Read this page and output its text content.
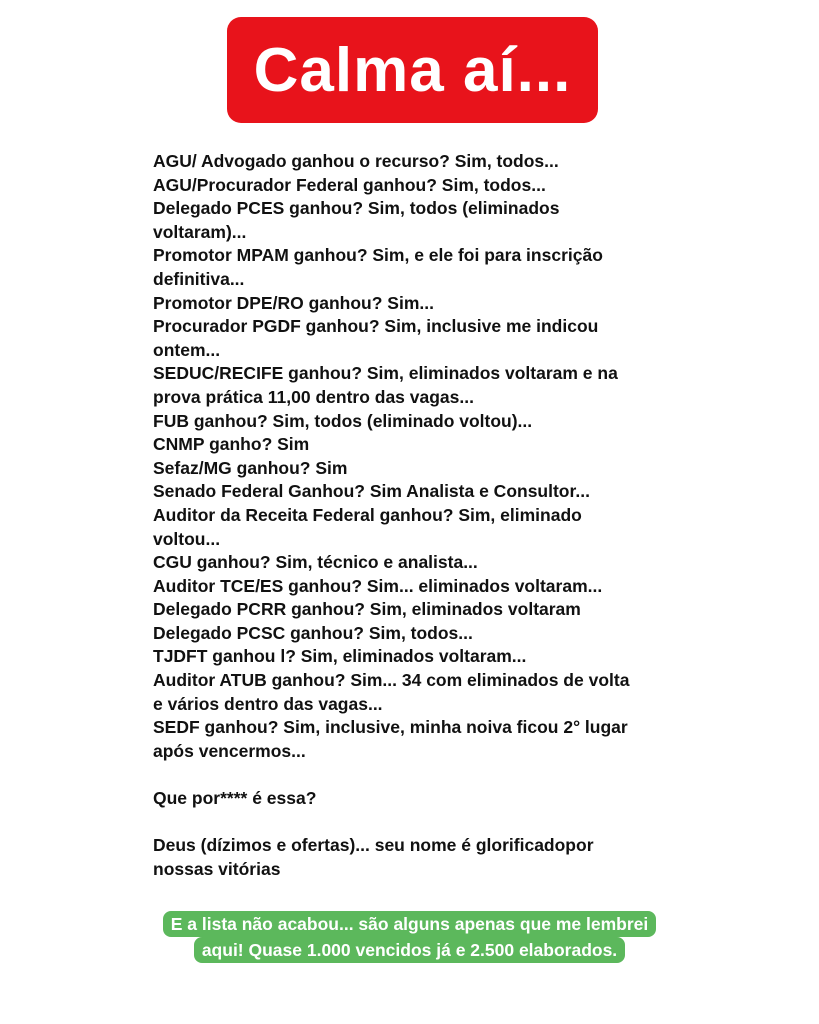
Calma aí...
AGU/ Advogado ganhou o recurso? Sim, todos...
AGU/Procurador Federal ganhou? Sim, todos...
Delegado PCES ganhou? Sim, todos (eliminados
voltaram)...
Promotor MPAM ganhou? Sim, e ele foi para inscrição
definitiva...
Promotor DPE/RO ganhou? Sim...
Procurador PGDF ganhou? Sim, inclusive me indicou
ontem...
SEDUC/RECIFE ganhou? Sim, eliminados voltaram e na
prova prática 11,00 dentro das vagas...
FUB ganhou? Sim, todos (eliminado voltou)...
CNMP ganho? Sim
Sefaz/MG ganhou? Sim
Senado Federal Ganhou? Sim Analista e Consultor...
Auditor da Receita Federal ganhou? Sim, eliminado
voltou...
CGU ganhou? Sim, técnico e analista...
Auditor TCE/ES ganhou? Sim... eliminados voltaram...
Delegado PCRR ganhou? Sim, eliminados voltaram
Delegado PCSC ganhou? Sim, todos...
TJDFT ganhou l? Sim, eliminados voltaram...
Auditor ATUB ganhou? Sim... 34 com eliminados de volta
e vários dentro das vagas...
SEDF ganhou? Sim, inclusive, minha noiva ficou 2° lugar
após vencermos...
Que por**** é essa?
Deus (dízimos e ofertas)... seu nome é glorificadopor
nossas vitórias
E a lista não acabou... são alguns apenas que me lembrei
aqui! Quase 1.000 vencidos já e 2.500 elaborados.
